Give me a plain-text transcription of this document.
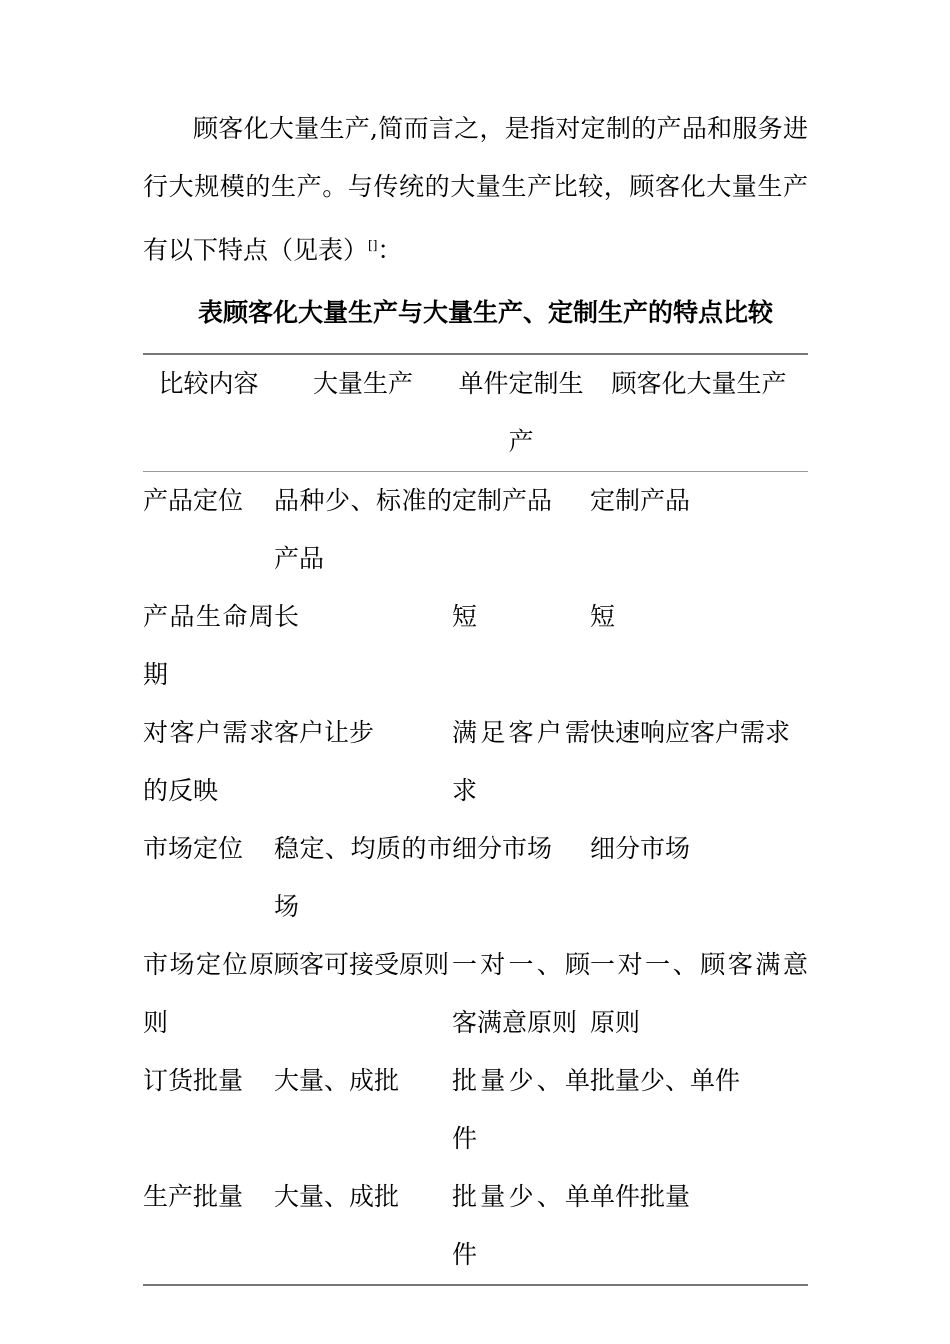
顾客化大量生产,简而言之，是指对定制的产品和服务进行大规模的生产。与传统的大量生产比较，顾客化大量生产有以下特点（见表）[]：

表顾客化大量生产与大量生产、定制生产的特点比较
比较内容	大量生产	单件定制生产	顾客化大量生产
产品定位	品种少、标准的产品	定制产品	定制产品
产品生命周期	长	短	短
对客户需求的反映	客户让步	满足客户需求	快速响应客户需求
市场定位	稳定、均质的市场	细分市场	细分市场
市场定位原则	顾客可接受原则	一对一、顾客满意原则	一对一、顾客满意原则
订货批量	大量、成批	批量少、单件	批量少、单件
生产批量	大量、成批	批量少、单件	单件批量
